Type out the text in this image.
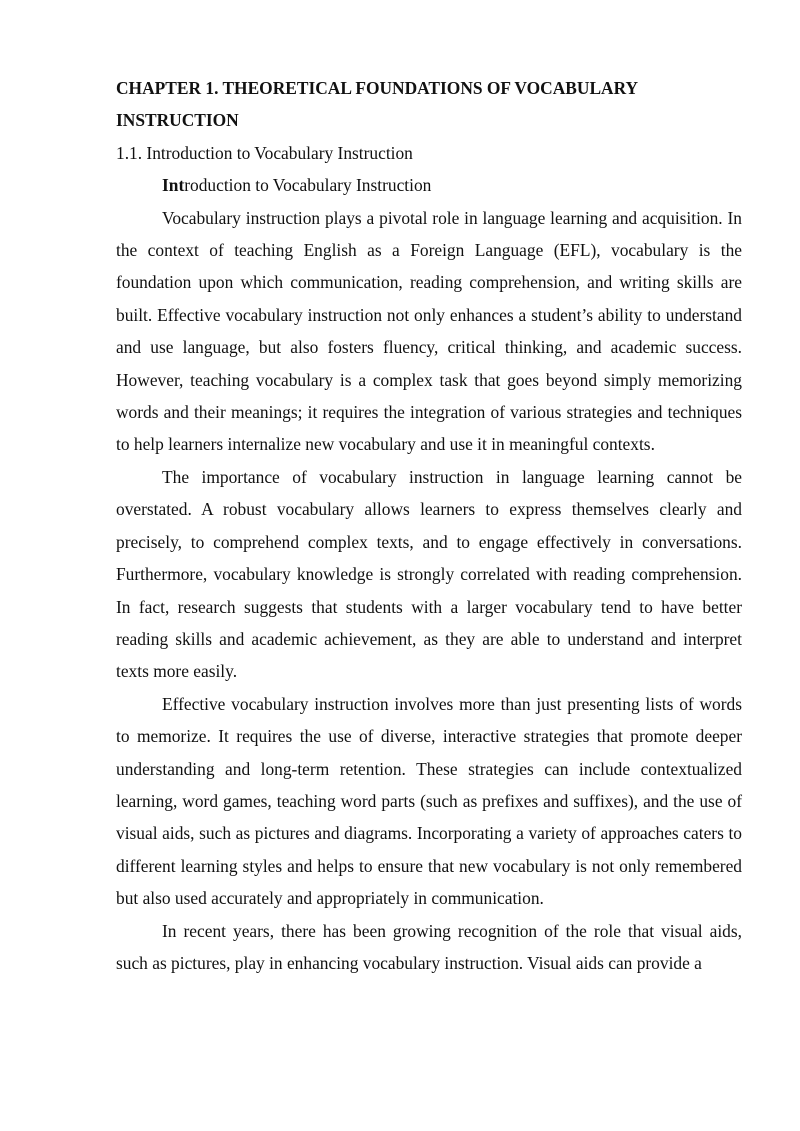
CHAPTER 1. THEORETICAL FOUNDATIONS OF VOCABULARY INSTRUCTION
1.1. Introduction to Vocabulary Instruction
Introduction to Vocabulary Instruction

Vocabulary instruction plays a pivotal role in language learning and acquisition. In the context of teaching English as a Foreign Language (EFL), vocabulary is the foundation upon which communication, reading comprehension, and writing skills are built. Effective vocabulary instruction not only enhances a student’s ability to understand and use language, but also fosters fluency, critical thinking, and academic success. However, teaching vocabulary is a complex task that goes beyond simply memorizing words and their meanings; it requires the integration of various strategies and techniques to help learners internalize new vocabulary and use it in meaningful contexts.

The importance of vocabulary instruction in language learning cannot be overstated. A robust vocabulary allows learners to express themselves clearly and precisely, to comprehend complex texts, and to engage effectively in conversations. Furthermore, vocabulary knowledge is strongly correlated with reading comprehension. In fact, research suggests that students with a larger vocabulary tend to have better reading skills and academic achievement, as they are able to understand and interpret texts more easily.

Effective vocabulary instruction involves more than just presenting lists of words to memorize. It requires the use of diverse, interactive strategies that promote deeper understanding and long-term retention. These strategies can include contextualized learning, word games, teaching word parts (such as prefixes and suffixes), and the use of visual aids, such as pictures and diagrams. Incorporating a variety of approaches caters to different learning styles and helps to ensure that new vocabulary is not only remembered but also used accurately and appropriately in communication.

In recent years, there has been growing recognition of the role that visual aids, such as pictures, play in enhancing vocabulary instruction. Visual aids can provide a
